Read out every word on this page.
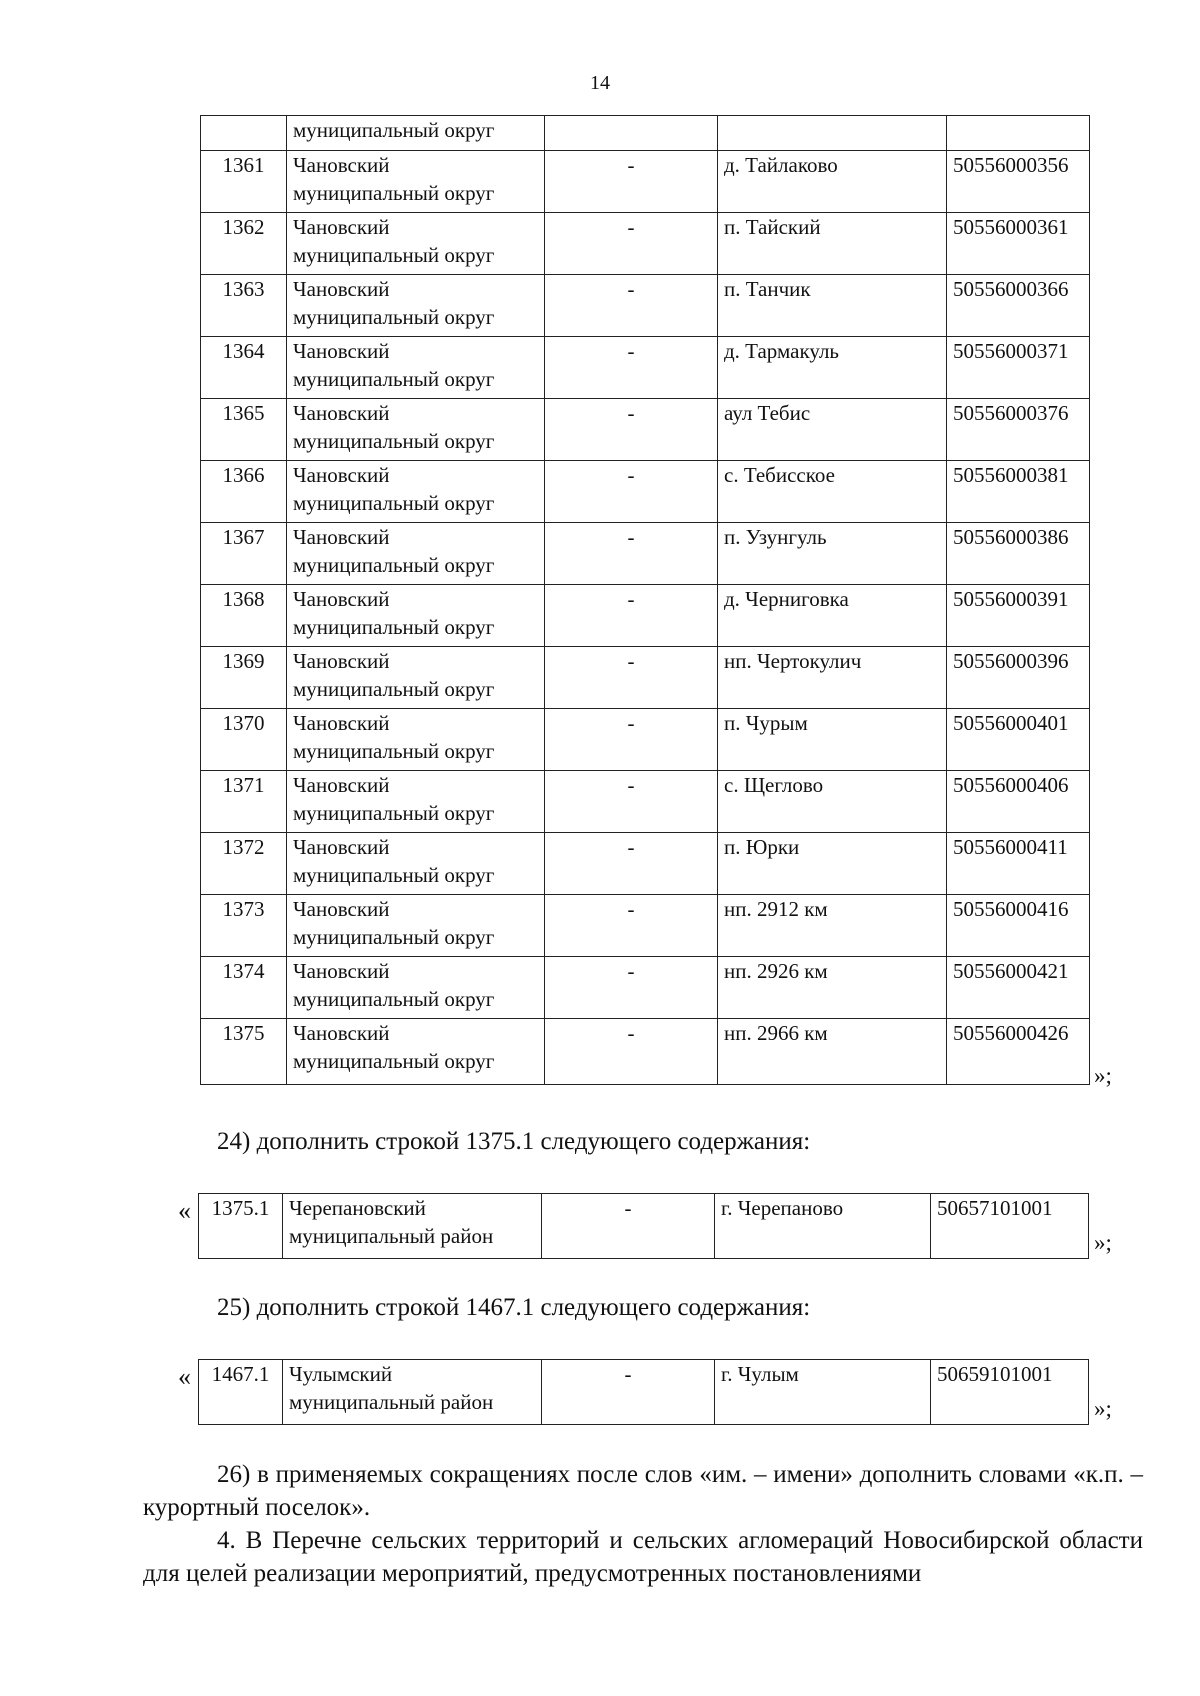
14
	муниципальный округ			
1361	Чановский
муниципальный округ	-	д. Тайлаково	50556000356
1362	Чановский
муниципальный округ	-	п. Тайский	50556000361
1363	Чановский
муниципальный округ	-	п. Танчик	50556000366
1364	Чановский
муниципальный округ	-	д. Тармакуль	50556000371
1365	Чановский
муниципальный округ	-	аул Тебис	50556000376
1366	Чановский
муниципальный округ	-	с. Тебисское	50556000381
1367	Чановский
муниципальный округ	-	п. Узунгуль	50556000386
1368	Чановский
муниципальный округ	-	д. Черниговка	50556000391
1369	Чановский
муниципальный округ	-	нп. Чертокулич	50556000396
1370	Чановский
муниципальный округ	-	п. Чурым	50556000401
1371	Чановский
муниципальный округ	-	с. Щеглово	50556000406
1372	Чановский
муниципальный округ	-	п. Юрки	50556000411
1373	Чановский
муниципальный округ	-	нп. 2912 км	50556000416
1374	Чановский
муниципальный округ	-	нп. 2926 км	50556000421
1375	Чановский
муниципальный округ	-	нп. 2966 км	50556000426
»;
24) дополнить строкой 1375.1 следующего содержания:
« 1375.1	Черепановский
муниципальный район	-	г. Черепаново	50657101001
»;
25) дополнить строкой 1467.1 следующего содержания:
« 1467.1	Чулымский
муниципальный район	-	г. Чулым	50659101001
»;
26) в применяемых сокращениях после слов «им. – имени» дополнить словами «к.п. – курортный поселок».
4. В Перечне сельских территорий и сельских агломераций Новосибирской области для целей реализации мероприятий, предусмотренных постановлениями
